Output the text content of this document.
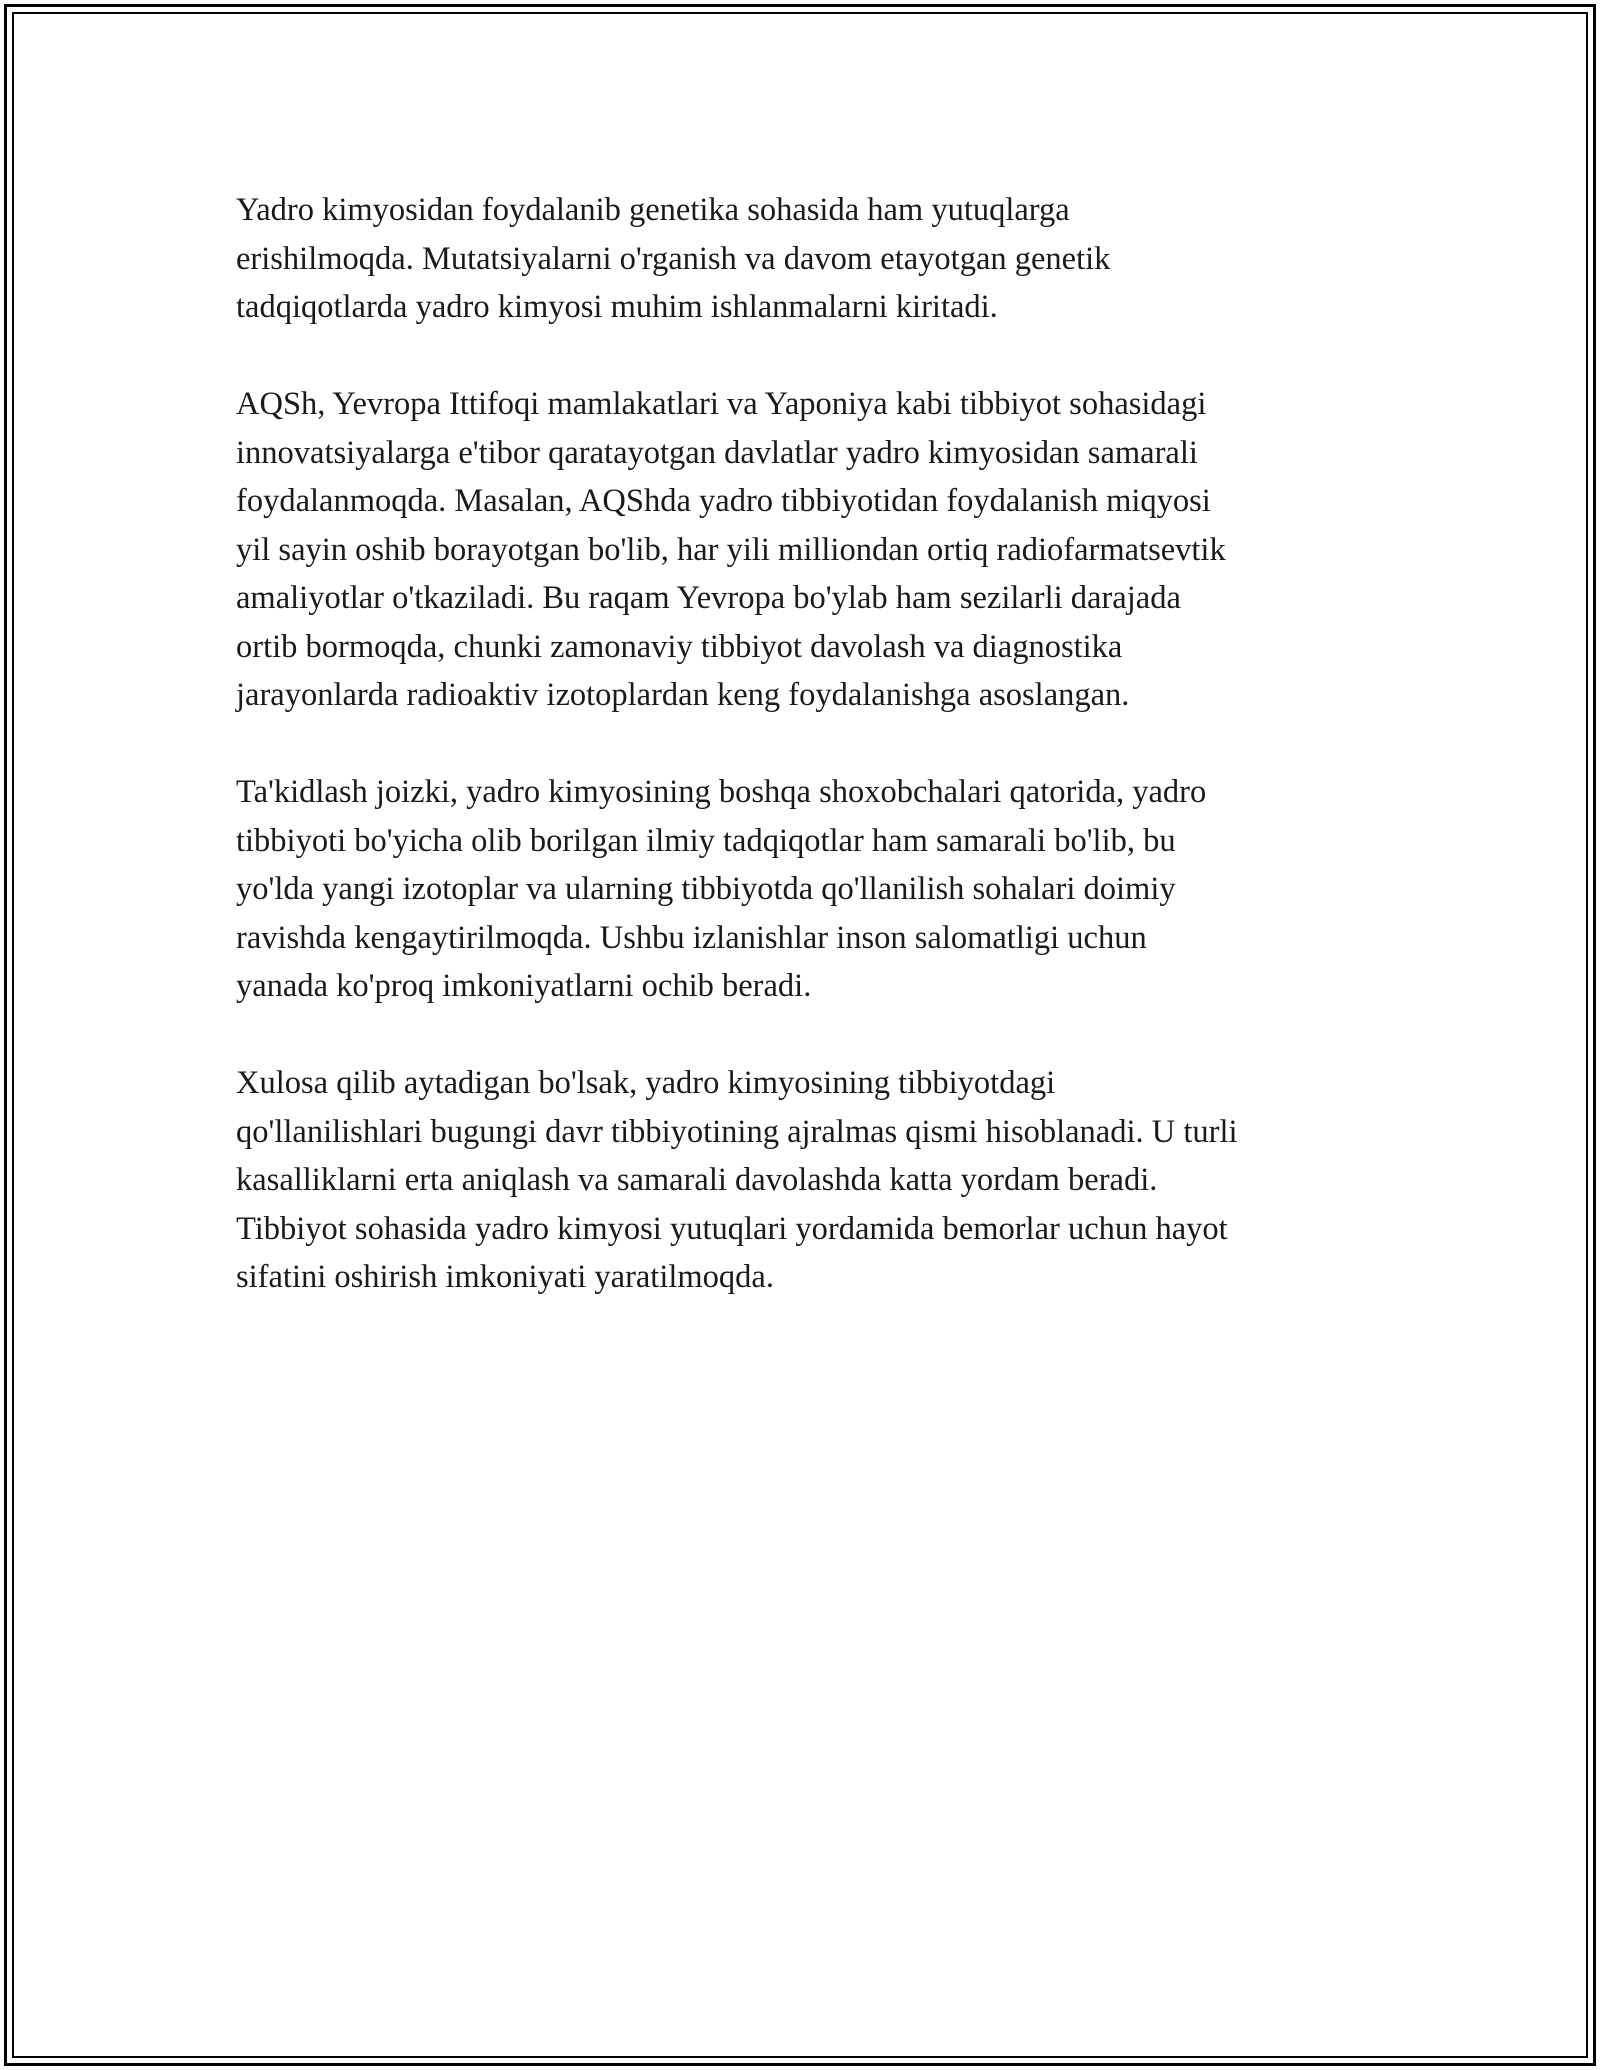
Yadro kimyosidan foydalanib genetika sohasida ham yutuqlarga
erishilmoqda. Mutatsiyalarni o'rganish va davom etayotgan genetik
tadqiqotlarda yadro kimyosi muhim ishlanmalarni kiritadi.

AQSh, Yevropa Ittifoqi mamlakatlari va Yaponiya kabi tibbiyot sohasidagi
innovatsiyalarga e'tibor qaratayotgan davlatlar yadro kimyosidan samarali
foydalanmoqda. Masalan, AQShda yadro tibbiyotidan foydalanish miqyosi
yil sayin oshib borayotgan bo'lib, har yili milliondan ortiq radiofarmatsevtik
amaliyotlar o'tkaziladi. Bu raqam Yevropa bo'ylab ham sezilarli darajada
ortib bormoqda, chunki zamonaviy tibbiyot davolash va diagnostika
jarayonlarda radioaktiv izotoplardan keng foydalanishga asoslangan.

Ta'kidlash joizki, yadro kimyosining boshqa shoxobchalari qatorida, yadro
tibbiyoti bo'yicha olib borilgan ilmiy tadqiqotlar ham samarali bo'lib, bu
yo'lda yangi izotoplar va ularning tibbiyotda qo'llanilish sohalari doimiy
ravishda kengaytirilmoqda. Ushbu izlanishlar inson salomatligi uchun
yanada ko'proq imkoniyatlarni ochib beradi.

Xulosa qilib aytadigan bo'lsak, yadro kimyosining tibbiyotdagi
qo'llanilishlari bugungi davr tibbiyotining ajralmas qismi hisoblanadi. U turli
kasalliklarni erta aniqlash va samarali davolashda katta yordam beradi.
Tibbiyot sohasida yadro kimyosi yutuqlari yordamida bemorlar uchun hayot
sifatini oshirish imkoniyati yaratilmoqda.
